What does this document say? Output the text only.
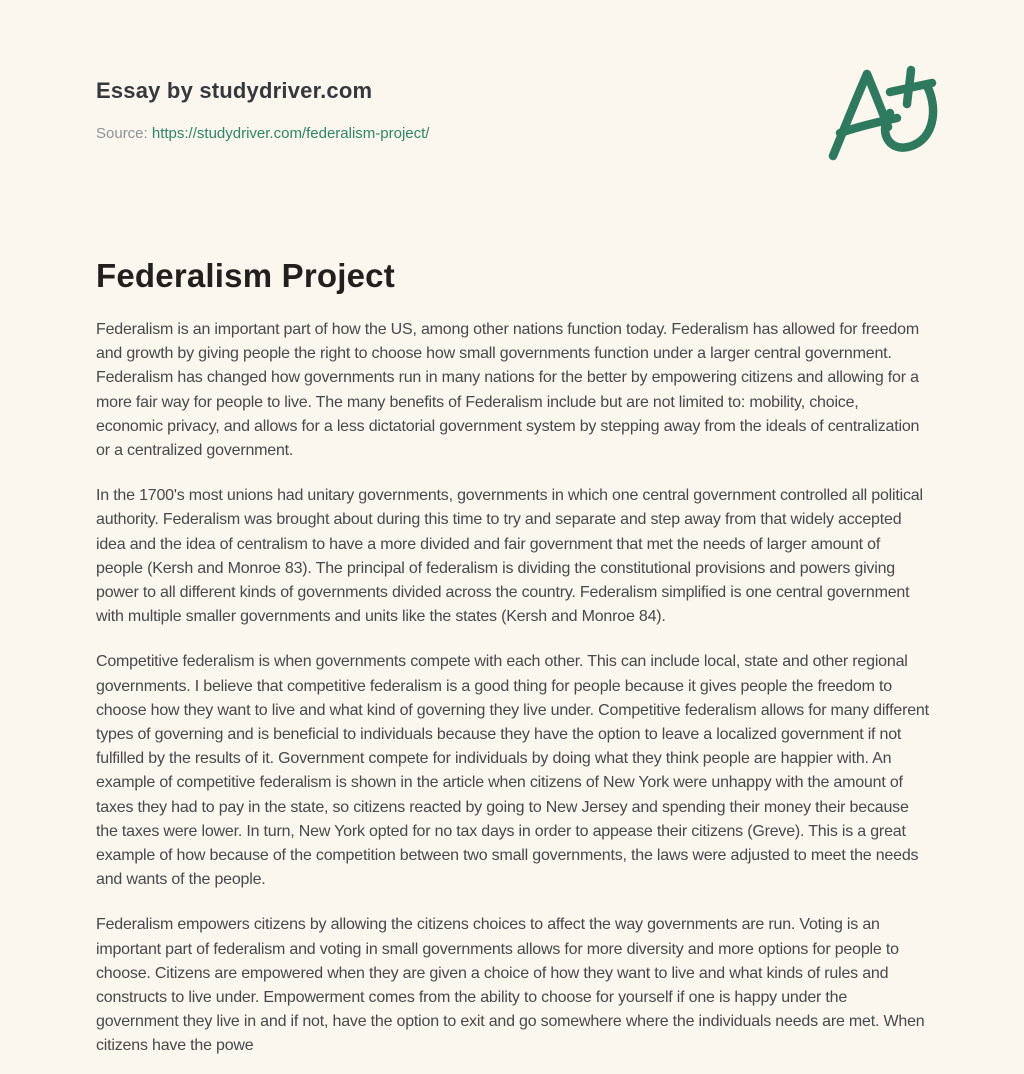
Essay by studydriver.com
Source: https://studydriver.com/federalism-project/
Federalism Project

Federalism is an important part of how the US, among other nations function today. Federalism has allowed for freedom and growth by giving people the right to choose how small governments function under a larger central government. Federalism has changed how governments run in many nations for the better by empowering citizens and allowing for a more fair way for people to live. The many benefits of Federalism include but are not limited to: mobility, choice, economic privacy, and allows for a less dictatorial government system by stepping away from the ideals of centralization or a centralized government.

In the 1700's most unions had unitary governments, governments in which one central government controlled all political authority. Federalism was brought about during this time to try and separate and step away from that widely accepted idea and the idea of centralism to have a more divided and fair government that met the needs of larger amount of people (Kersh and Monroe 83). The principal of federalism is dividing the constitutional provisions and powers giving power to all different kinds of governments divided across the country. Federalism simplified is one central government with multiple smaller governments and units like the states (Kersh and Monroe 84).

Competitive federalism is when governments compete with each other. This can include local, state and other regional governments. I believe that competitive federalism is a good thing for people because it gives people the freedom to choose how they want to live and what kind of governing they live under. Competitive federalism allows for many different types of governing and is beneficial to individuals because they have the option to leave a localized government if not fulfilled by the results of it. Government compete for individuals by doing what they think people are happier with. An example of competitive federalism is shown in the article when citizens of New York were unhappy with the amount of taxes they had to pay in the state, so citizens reacted by going to New Jersey and spending their money their because the taxes were lower. In turn, New York opted for no tax days in order to appease their citizens (Greve). This is a great example of how because of the competition between two small governments, the laws were adjusted to meet the needs and wants of the people.

Federalism empowers citizens by allowing the citizens choices to affect the way governments are run. Voting is an important part of federalism and voting in small governments allows for more diversity and more options for people to choose. Citizens are empowered when they are given a choice of how they want to live and what kinds of rules and constructs to live under. Empowerment comes from the ability to choose for yourself if one is happy under the government they live in and if not, have the option to exit and go somewhere where the individuals needs are met. When citizens have the powe
